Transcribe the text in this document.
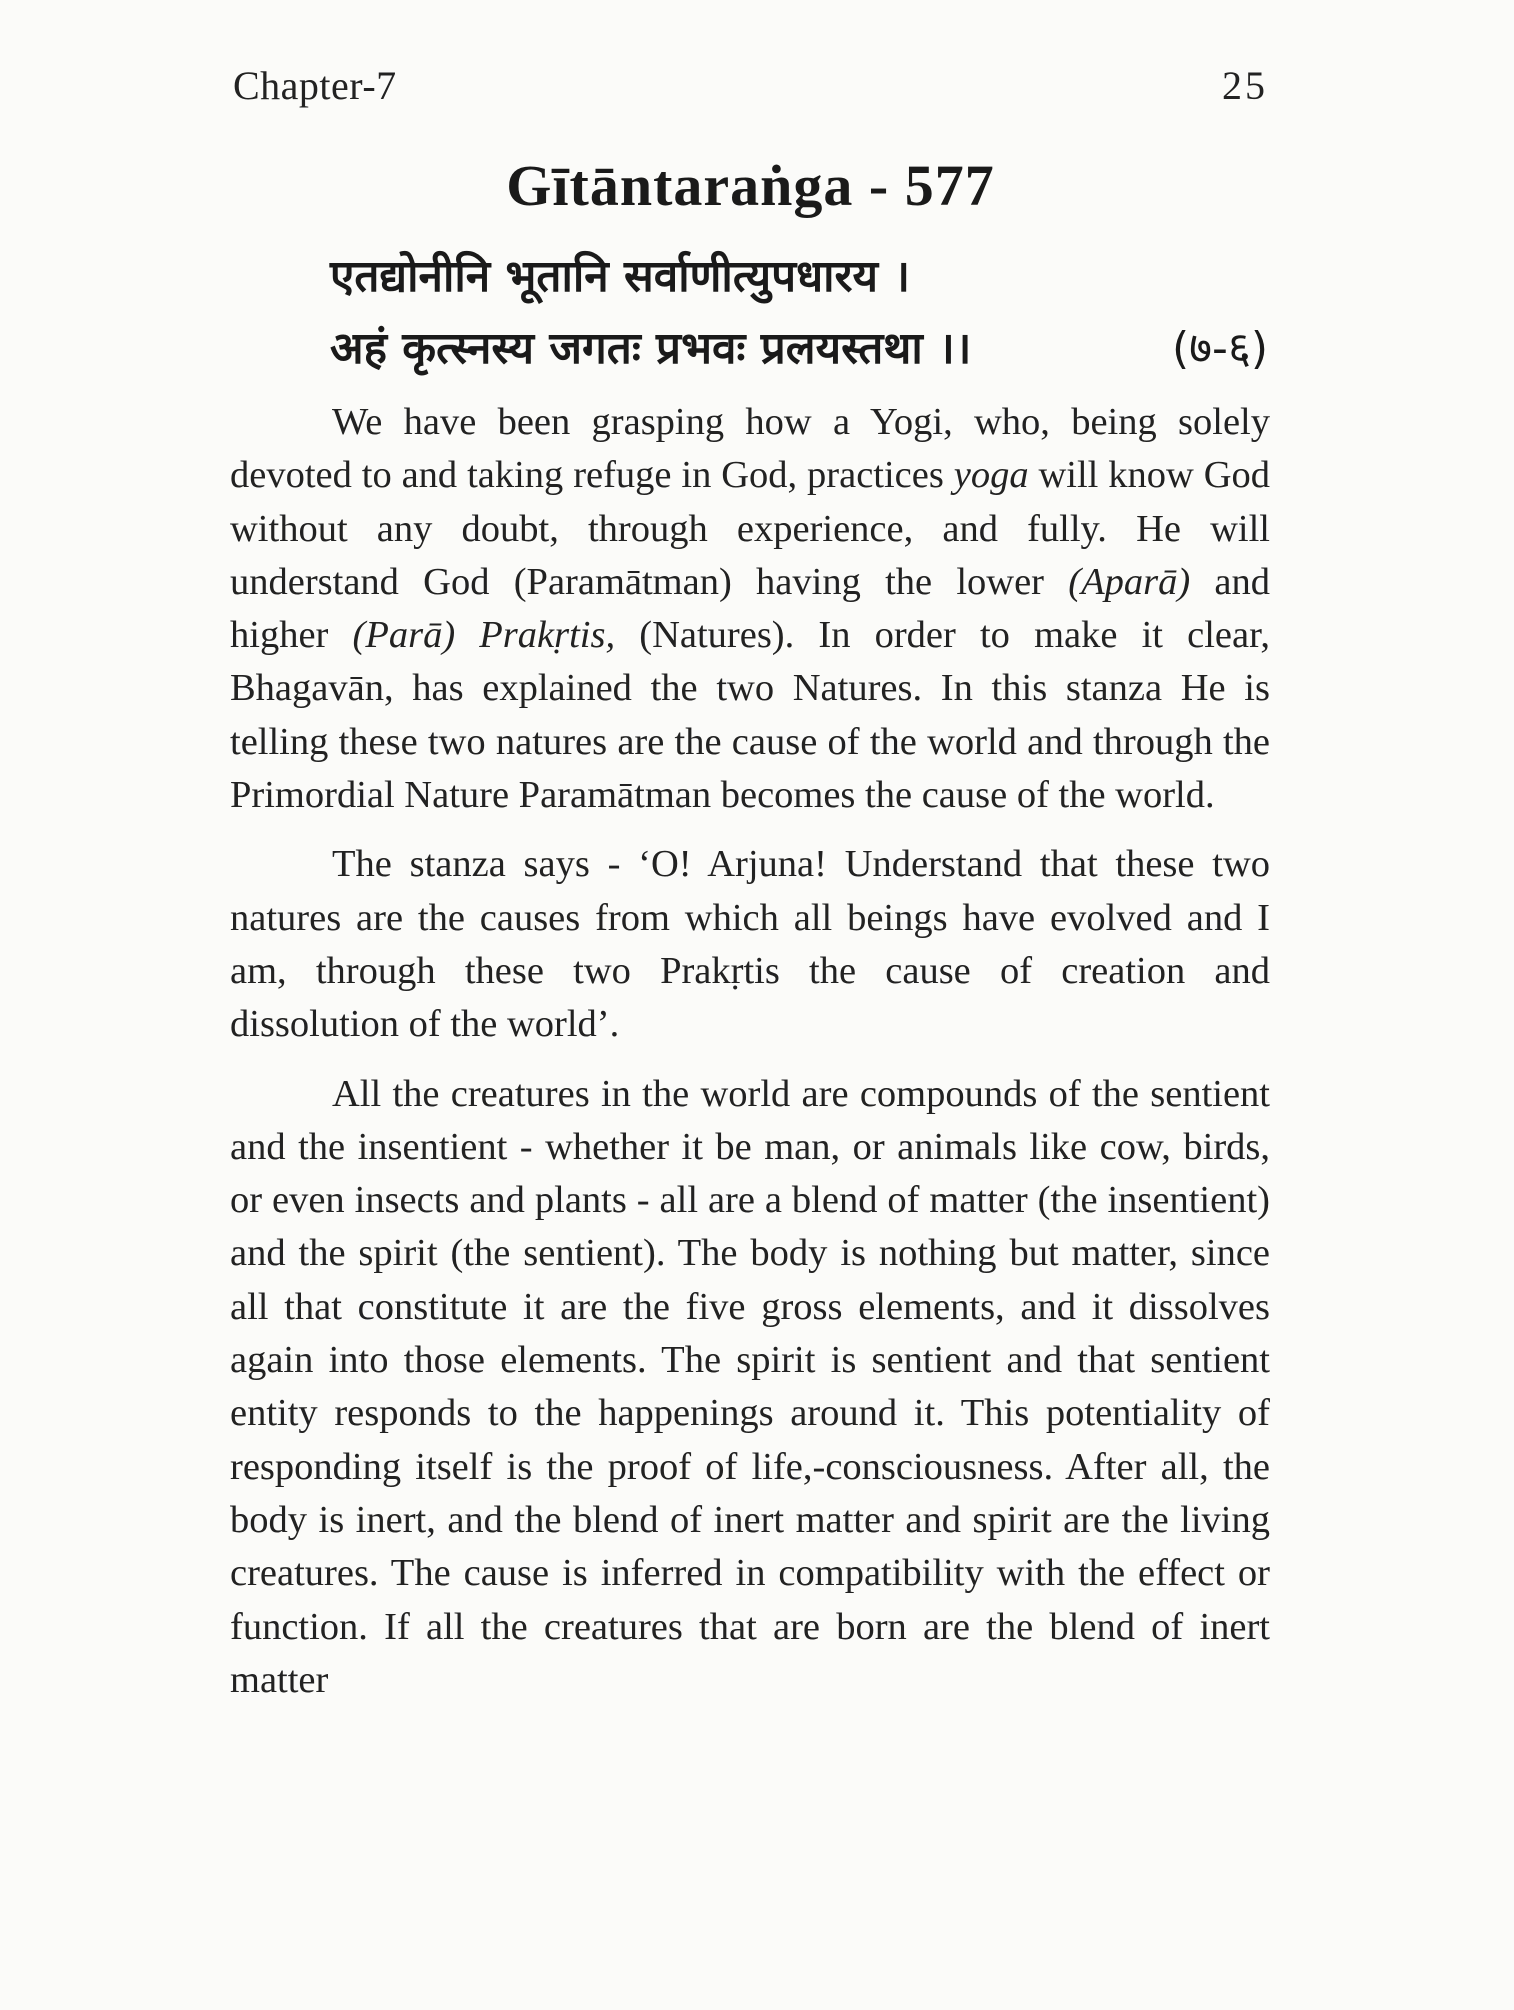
Chapter-7	25
Gītāntaraṅga - 577
एतद्योनीनि भूतानि सर्वाणीत्युपधारय ।
अहं कृत्स्नस्य जगतः प्रभवः प्रलयस्तथा ।।	(७-६)

We have been grasping how a Yogi, who, being solely devoted to and taking refuge in God, practices yoga will know God without any doubt, through experience, and fully. He will understand God (Paramātman) having the lower (Aparā) and higher (Parā) Prakṛtis, (Natures). In order to make it clear, Bhagavān, has explained the two Natures. In this stanza He is telling these two natures are the cause of the world and through the Primordial Nature Paramātman becomes the cause of the world.

The stanza says - ‘O! Arjuna! Understand that these two natures are the causes from which all beings have evolved and I am, through these two Prakṛtis the cause of creation and dissolution of the world’.

All the creatures in the world are compounds of the sentient and the insentient - whether it be man, or animals like cow, birds, or even insects and plants - all are a blend of matter (the insentient) and the spirit (the sentient). The body is nothing but matter, since all that constitute it are the five gross elements, and it dissolves again into those elements. The spirit is sentient and that sentient entity responds to the happenings around it. This potentiality of responding itself is the proof of life,-consciousness. After all, the body is inert, and the blend of inert matter and spirit are the living creatures. The cause is inferred in compatibility with the effect or function. If all the creatures that are born are the blend of inert matter
